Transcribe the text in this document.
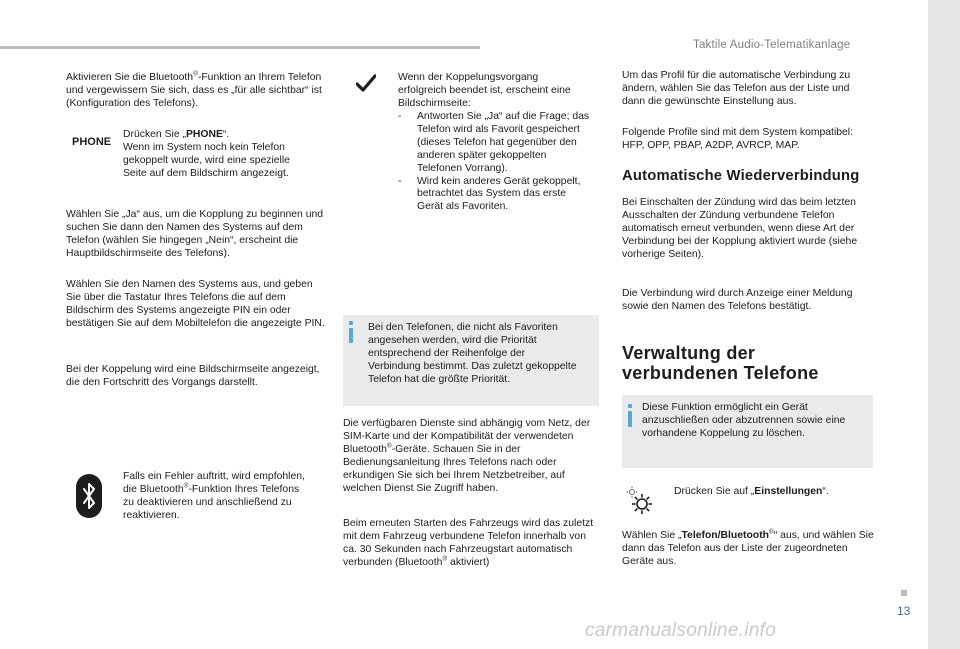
Taktile Audio-Telematikanlage
Aktivieren Sie die Bluetooth®-Funktion an Ihrem Telefon und vergewissern Sie sich, dass es „für alle sichtbar“ ist (Konfiguration des Telefons).
PHONE
Drücken Sie „PHONE“.
Wenn im System noch kein Telefon gekoppelt wurde, wird eine spezielle Seite auf dem Bildschirm angezeigt.
Wählen Sie „Ja“ aus, um die Kopplung zu beginnen und suchen Sie dann den Namen des Systems auf dem Telefon (wählen Sie hingegen „Nein“, erscheint die Hauptbildschirmseite des Telefons).
Wählen Sie den Namen des Systems aus, und geben Sie über die Tastatur Ihres Telefons die auf dem Bildschirm des Systems angezeigte PIN ein oder bestätigen Sie auf dem Mobiltelefon die angezeigte PIN.
Bei der Koppelung wird eine Bildschirmseite angezeigt, die den Fortschritt des Vorgangs darstellt.
Falls ein Fehler auftritt, wird empfohlen, die Bluetooth®-Funktion Ihres Telefons zu deaktivieren und anschließend zu reaktivieren.
Wenn der Koppelungsvorgang erfolgreich beendet ist, erscheint eine Bildschirmseite:
- Antworten Sie „Ja“ auf die Frage; das Telefon wird als Favorit gespeichert (dieses Telefon hat gegenüber den anderen später gekoppelten Telefonen Vorrang).
- Wird kein anderes Gerät gekoppelt, betrachtet das System das erste Gerät als Favoriten.
Bei den Telefonen, die nicht als Favoriten angesehen werden, wird die Priorität entsprechend der Reihenfolge der Verbindung bestimmt. Das zuletzt gekoppelte Telefon hat die größte Priorität.
Die verfügbaren Dienste sind abhängig vom Netz, der SIM-Karte und der Kompatibilität der verwendeten Bluetooth®-Geräte. Schauen Sie in der Bedienungsanleitung Ihres Telefons nach oder erkundigen Sie sich bei Ihrem Netzbetreiber, auf welchen Dienst Sie Zugriff haben.
Beim erneuten Starten des Fahrzeugs wird das zuletzt mit dem Fahrzeug verbundene Telefon innerhalb von ca. 30 Sekunden nach Fahrzeugstart automatisch verbunden (Bluetooth® aktiviert)
Um das Profil für die automatische Verbindung zu ändern, wählen Sie das Telefon aus der Liste und dann die gewünschte Einstellung aus.
Folgende Profile sind mit dem System kompatibel: HFP, OPP, PBAP, A2DP, AVRCP, MAP.
Automatische Wiederverbindung
Bei Einschalten der Zündung wird das beim letzten Ausschalten der Zündung verbundene Telefon automatisch erneut verbunden, wenn diese Art der Verbindung bei der Kopplung aktiviert wurde (siehe vorherige Seiten).
Die Verbindung wird durch Anzeige einer Meldung sowie den Namen des Telefons bestätigt.
Verwaltung der
verbundenen Telefone
Diese Funktion ermöglicht ein Gerät anzuschließen oder abzutrennen sowie eine vorhandene Koppelung zu löschen.
Drücken Sie auf „Einstellungen“.
Wählen Sie „Telefon/Bluetooth®“ aus, und wählen Sie dann das Telefon aus der Liste der zugeordneten Geräte aus.
13
carmanualsonline.info
